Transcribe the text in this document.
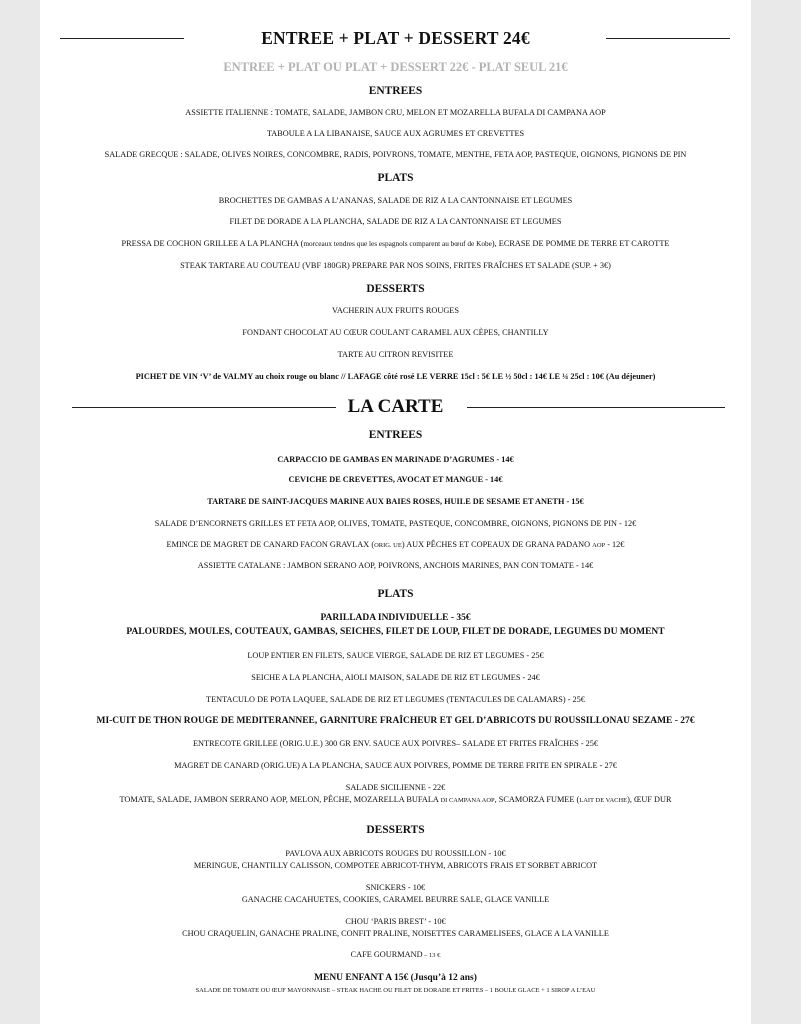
ENTREE + PLAT + DESSERT 24€
ENTREE + PLAT OU PLAT + DESSERT 22€ - PLAT SEUL 21€
ENTREES
ASSIETTE ITALIENNE : TOMATE, SALADE, JAMBON CRU, MELON ET MOZARELLA BUFALA DI CAMPANA AOP
TABOULE A LA LIBANAISE, SAUCE AUX AGRUMES ET CREVETTES
SALADE GRECQUE : SALADE, OLIVES NOIRES, CONCOMBRE, RADIS, POIVRONS, TOMATE, MENTHE, FETA AOP, PASTEQUE, OIGNONS, PIGNONS DE PIN
PLATS
BROCHETTES DE GAMBAS A L’ANANAS, SALADE DE RIZ A LA CANTONNAISE ET LEGUMES
FILET DE DORADE A LA PLANCHA, SALADE DE RIZ A LA CANTONNAISE ET LEGUMES
PRESSA DE COCHON GRILLEE A LA PLANCHA (morceaux tendres que les espagnols comparent au bœuf de Kobe), ECRASE DE POMME DE TERRE ET CAROTTE
STEAK TARTARE AU COUTEAU (VBF 180GR) PREPARE PAR NOS SOINS, FRITES FRAÎCHES ET SALADE (SUP. + 3€)
DESSERTS
VACHERIN AUX FRUITS ROUGES
FONDANT CHOCOLAT AU CŒUR COULANT CARAMEL AUX CÈPES, CHANTILLY
TARTE AU CITRON REVISITEE
PICHET DE VIN ‘V’ de VALMY au choix rouge ou blanc // LAFAGE côté rosé LE VERRE 15cl : 5€ LE ½ 50cl : 14€ LE ¼ 25cl : 10€ (Au déjeuner)
LA CARTE
ENTREES
CARPACCIO DE GAMBAS EN MARINADE D’AGRUMES - 14€
CEVICHE DE CREVETTES, AVOCAT ET MANGUE - 14€
TARTARE DE SAINT-JACQUES MARINE AUX BAIES ROSES, HUILE DE SESAME ET ANETH - 15€
SALADE D’ENCORNETS GRILLES ET FETA AOP, OLIVES, TOMATE, PASTEQUE, CONCOMBRE, OIGNONS, PIGNONS DE PIN - 12€
EMINCE DE MAGRET DE CANARD FACON GRAVLAX (ORIG. UE) AUX PÊCHES ET COPEAUX DE GRANA PADANO AOP - 12€
ASSIETTE CATALANE : JAMBON SERANO AOP, POIVRONS, ANCHOIS MARINES, PAN CON TOMATE - 14€
PLATS
PARILLADA INDIVIDUELLE - 35€
PALOURDES, MOULES, COUTEAUX, GAMBAS, SEICHES, FILET DE LOUP, FILET DE DORADE, LEGUMES DU MOMENT
LOUP ENTIER EN FILETS, SAUCE VIERGE, SALADE DE RIZ ET LEGUMES - 25€
SEICHE A LA PLANCHA, AIOLI MAISON, SALADE DE RIZ ET LEGUMES - 24€
TENTACULO DE POTA LAQUEE, SALADE DE RIZ ET LEGUMES (TENTACULES DE CALAMARS) - 25€
MI-CUIT DE THON ROUGE DE MEDITERANNEE, GARNITURE FRAÎCHEUR ET GEL D’ABRICOTS DU ROUSSILLONAU SEZAME - 27€
ENTRECOTE GRILLEE (ORIG.U.E.) 300 GR ENV. SAUCE AUX POIVRES– SALADE ET FRITES FRAÎCHES - 25€
MAGRET DE CANARD (ORIG.UE) A LA PLANCHA, SAUCE AUX POIVRES, POMME DE TERRE FRITE EN SPIRALE - 27€
SALADE SICILIENNE - 22€
TOMATE, SALADE, JAMBON SERRANO AOP, MELON, PÊCHE, MOZARELLA BUFALA DI CAMPANA AOP, SCAMORZA FUMEE (LAIT DE VACHE), ŒUF DUR
DESSERTS
PAVLOVA AUX ABRICOTS ROUGES DU ROUSSILLON - 10€
MERINGUE, CHANTILLY CALISSON, COMPOTEE ABRICOT-THYM, ABRICOTS FRAIS ET SORBET ABRICOT
SNICKERS - 10€
GANACHE CACAHUETES, COOKIES, CARAMEL BEURRE SALE, GLACE VANILLE
CHOU ‘PARIS BREST’ - 10€
CHOU CRAQUELIN, GANACHE PRALINE, CONFIT PRALINE, NOISETTES CARAMELISEES, GLACE A LA VANILLE
CAFE GOURMAND – 13 €
MENU ENFANT A 15€ (Jusqu’à 12 ans)
SALADE DE TOMATE OU ŒUF MAYONNAISE – STEAK HACHE OU FILET DE DORADE ET FRITES – 1 BOULE GLACE + 1 SIROP A L’EAU
